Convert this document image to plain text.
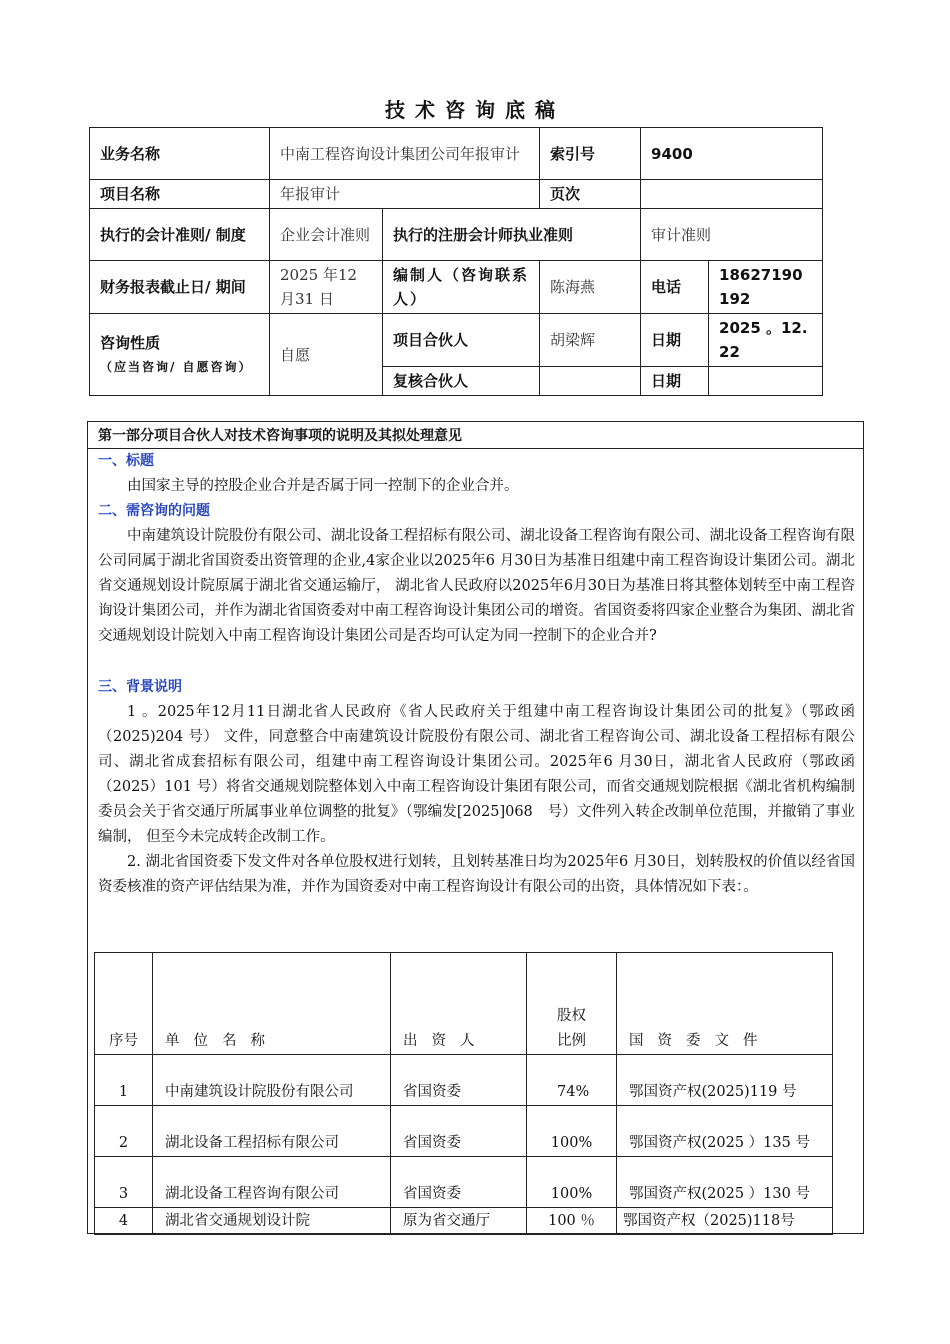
技术咨询底稿
业务名称	中南工程咨询设计集团公司年报审计		索引号	9400	
项目名称	年报审计		页次		
执行的会计准则/ 制度	企业会计准则	执行的注册会计师执业准则		审计准则	
财务报表截止日/ 期间	2025 年12月31 日	编制人（咨询联系人）	陈海燕	电话	18627190192

咨询性质
（应当咨询/ 自愿咨询）	自愿	项目合伙人	胡梁辉	日期	2025 。12. 22
		复核合伙人		日期	
第一部分项目合伙人对技术咨询事项的说明及其拟处理意见
一、标题

由国家主导的控股企业合并是否属于同一控制下的企业合并。

二、需咨询的问题

中南建筑设计院股份有限公司、湖北设备工程招标有限公司、湖北设备工程咨询有限公司、湖北设备工程咨询有限公司同属于湖北省国资委出资管理的企业,4家企业以2025年6 月30日为基准日组建中南工程咨询设计集团公司。湖北省交通规划设计院原属于湖北省交通运输厅， 湖北省人民政府以2025年6月30日为基准日将其整体划转至中南工程咨询设计集团公司，并作为湖北省国资委对中南工程咨询设计集团公司的增资。省国资委将四家企业整合为集团、湖北省交通规划设计院划入中南工程咨询设计集团公司是否均可认定为同一控制下的企业合并?

三、背景说明

1 。2025年12月11日湖北省人民政府《省人民政府关于组建中南工程咨询设计集团公司的批复》（鄂政函（2025)204 号） 文件，同意整合中南建筑设计院股份有限公司、湖北省工程咨询公司、湖北设备工程招标有限公司、湖北省成套招标有限公司，组建中南工程咨询设计集团公司。2025年6 月30日，湖北省人民政府（鄂政函（2025）101 号）将省交通规划院整体划入中南工程咨询设计集团有限公司，而省交通规划院根据《湖北省机构编制委员会关于省交通厅所属事业单位调整的批复》（鄂编发[2025]068　号）文件列入转企改制单位范围，并撤销了事业编制， 但至今未完成转企改制工作。

2. 湖北省国资委下发文件对各单位股权进行划转，且划转基准日均为2025年6 月30日，划转股权的价值以经省国资委核准的资产评估结果为准，并作为国资委对中南工程咨询设计有限公司的出资，具体情况如下表：。

序号	单位名称	出资人	股权比例	国资委文件
1	中南建筑设计院股份有限公司	省国资委	74%	鄂国资产权(2025)119 号
2	湖北设备工程招标有限公司	省国资委	100%	鄂国资产权(2025 ）135 号
3	湖北设备工程咨询有限公司	省国资委	100%	鄂国资产权(2025 ）130 号
4	湖北省交通规划设计院	原为省交通厅	100 ％	鄂国资产权（2025)118号
